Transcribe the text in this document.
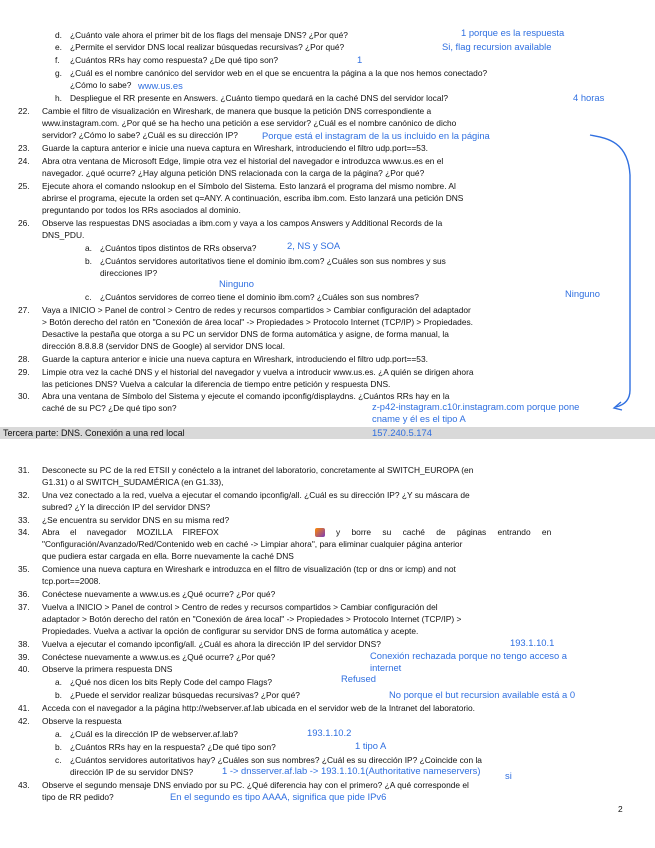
d. ¿Cuánto vale ahora el primer bit de los flags del mensaje DNS? ¿Por qué?	1 porque es la respuesta
e. ¿Permite el servidor DNS local realizar búsquedas recursivas? ¿Por qué?	Si, flag recursion available
f. ¿Cuántos RRs hay como respuesta? ¿De qué tipo son?	1
g. ¿Cuál es el nombre canónico del servidor web en el que se encuentra la página a la que nos hemos conectado?
¿Cómo lo sabe? www.us.es
h. Despliegue el RR presente en Answers. ¿Cuánto tiempo quedará en la caché DNS del servidor local?	4 horas
22. Cambie el filtro de visualización en Wireshark, de manera que busque la petición DNS correspondiente a
www.instagram.com. ¿Por qué se ha hecho una petición a ese servidor? ¿Cuál es el nombre canónico de dicho
servidor? ¿Cómo lo sabe? ¿Cuál es su dirección IP?	Porque está el instagram de la us incluido en la página
23. Guarde la captura anterior e inicie una nueva captura en Wireshark, introduciendo el filtro udp.port==53.
24. Abra otra ventana de Microsoft Edge, limpie otra vez el historial del navegador e introduzca www.us.es en el
navegador. ¿qué ocurre? ¿Hay alguna petición DNS relacionada con la carga de la página? ¿Por qué?
25. Ejecute ahora el comando nslookup en el Símbolo del Sistema. Esto lanzará el programa del mismo nombre. Al
abrirse el programa, ejecute la orden set q=ANY. A continuación, escriba ibm.com. Esto lanzará una petición DNS
preguntando por todos los RRs asociados al dominio.
26. Observe las respuestas DNS asociadas a ibm.com y vaya a los campos Answers y Additional Records de la
DNS_PDU.
a. ¿Cuántos tipos distintos de RRs observa?	2, NS y SOA
b. ¿Cuántos servidores autoritativos tiene el dominio ibm.com? ¿Cuáles son sus nombres y sus
direcciones IP?
Ninguno
c. ¿Cuántos servidores de correo tiene el dominio ibm.com? ¿Cuáles son sus nombres?	Ninguno
27. Vaya a INICIO > Panel de control > Centro de redes y recursos compartidos > Cambiar configuración del adaptador
> Botón derecho del ratón en "Conexión de área local" -> Propiedades > Protocolo Internet (TCP/IP) > Propiedades.
Desactive la pestaña que otorga a su PC un servidor DNS de forma automática y asigne, de forma manual, la
dirección 8.8.8.8 (servidor DNS de Google) al servidor DNS local.
28. Guarde la captura anterior e inicie una nueva captura en Wireshark, introduciendo el filtro udp.port==53.
29. Limpie otra vez la caché DNS y el historial del navegador y vuelva a introducir www.us.es. ¿A quién se dirigen ahora
las peticiones DNS? Vuelva a calcular la diferencia de tiempo entre petición y respuesta DNS.
30. Abra una ventana de Símbolo del Sistema y ejecute el comando ipconfig/displaydns. ¿Cuántos RRs hay en la
caché de su PC? ¿De qué tipo son?	z-p42-instagram.c10r.instagram.com porque pone
cname y él es el tipo A
Tercera parte: DNS. Conexión a una red local	157.240.5.174
31. Desconecte su PC de la red ETSII y conéctelo a la intranet del laboratorio, concretamente al SWITCH_EUROPA (en
G1.31) o al SWITCH_SUDAMÉRICA (en G1.33),
32. Una vez conectado a la red, vuelva a ejecutar el comando ipconfig/all. ¿Cuál es su dirección IP? ¿Y su máscara de
subred? ¿Y la dirección IP del servidor DNS?
33. ¿Se encuentra su servidor DNS en su misma red?
34. Abra el navegador MOZILLA FIREFOX	y borre su caché de páginas entrando en
"Configuración/Avanzado/Red/Contenido web en caché -> Limpiar ahora", para eliminar cualquier página anterior
que pudiera estar cargada en ella. Borre nuevamente la caché DNS
35. Comience una nueva captura en Wireshark e introduzca en el filtro de visualización (tcp or dns or icmp) and not
tcp.port==2008.
36. Conéctese nuevamente a www.us.es ¿Qué ocurre? ¿Por qué?
37. Vuelva a INICIO > Panel de control > Centro de redes y recursos compartidos > Cambiar configuración del
adaptador > Botón derecho del ratón en "Conexión de área local" -> Propiedades > Protocolo Internet (TCP/IP) >
Propiedades. Vuelva a activar la opción de configurar su servidor DNS de forma automática y acepte.
38. Vuelva a ejecutar el comando ipconfig/all. ¿Cuál es ahora la dirección IP del servidor DNS?	193.1.10.1
39. Conéctese nuevamente a www.us.es ¿Qué ocurre? ¿Por qué?	Conexión rechazada porque no tengo acceso a
internet
40. Observe la primera respuesta DNS
a. ¿Qué nos dicen los bits Reply Code del campo Flags?	Refused
b. ¿Puede el servidor realizar búsquedas recursivas? ¿Por qué?	No porque el but recursion available está a 0
41. Acceda con el navegador a la página http://webserver.af.lab ubicada en el servidor web de la Intranet del laboratorio.
42. Observe la respuesta
a. ¿Cuál es la dirección IP de webserver.af.lab?	193.1.10.2
b. ¿Cuántos RRs hay en la respuesta? ¿De qué tipo son?	1 tipo A
c. ¿Cuántos servidores autoritativos hay? ¿Cuáles son sus nombres? ¿Cuál es su dirección IP? ¿Coincide con la
dirección IP de su servidor DNS?	1 -> dnsserver.af.lab -> 193.1.10.1(Authoritative nameservers)	si
43. Observe el segundo mensaje DNS enviado por su PC. ¿Qué diferencia hay con el primero? ¿A qué corresponde el
tipo de RR pedido?	En el segundo es tipo AAAA, significa que pide IPv6
2
